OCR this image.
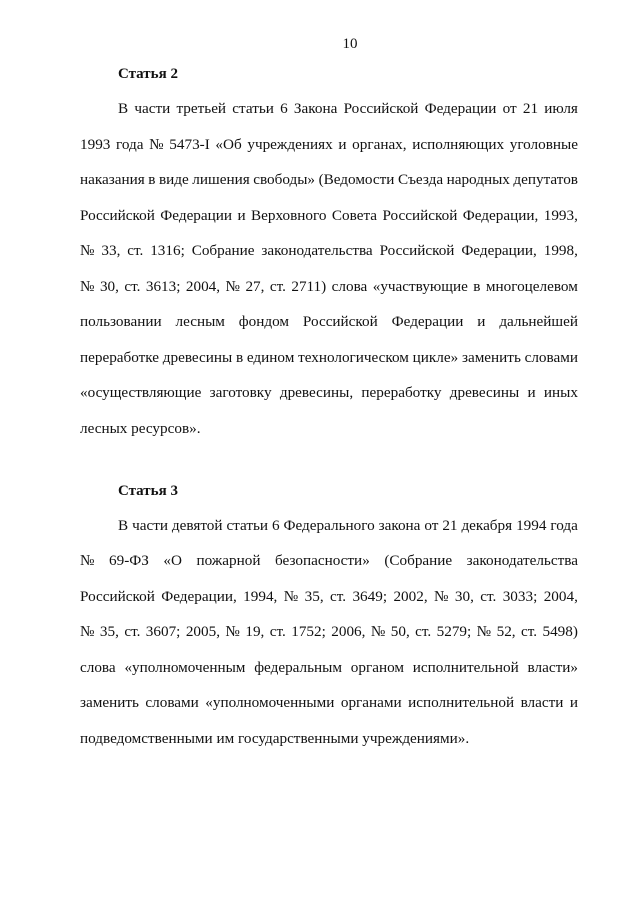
10
Статья 2
В части третьей статьи 6 Закона Российской Федерации от 21 июля
1993 года № 5473-I «Об учреждениях и органах, исполняющих уголовные
наказания в виде лишения свободы» (Ведомости Съезда народных депутатов
Российской Федерации и Верховного Совета Российской Федерации, 1993,
№ 33, ст. 1316; Собрание законодательства Российской Федерации, 1998,
№ 30, ст. 3613; 2004, № 27, ст. 2711) слова «участвующие в многоцелевом
пользовании лесным фондом Российской Федерации и дальнейшей
переработке древесины в едином технологическом цикле» заменить словами
«осуществляющие заготовку древесины, переработку древесины и иных
лесных ресурсов».
Статья 3
В части девятой статьи 6 Федерального закона от 21 декабря 1994 года
№ 69-ФЗ «О пожарной безопасности» (Собрание законодательства
Российской Федерации, 1994, № 35, ст. 3649; 2002, № 30, ст. 3033; 2004,
№ 35, ст. 3607; 2005, № 19, ст. 1752; 2006, № 50, ст. 5279; № 52, ст. 5498)
слова «уполномоченным федеральным органом исполнительной власти»
заменить словами «уполномоченными органами исполнительной власти и
подведомственными им государственными учреждениями».
